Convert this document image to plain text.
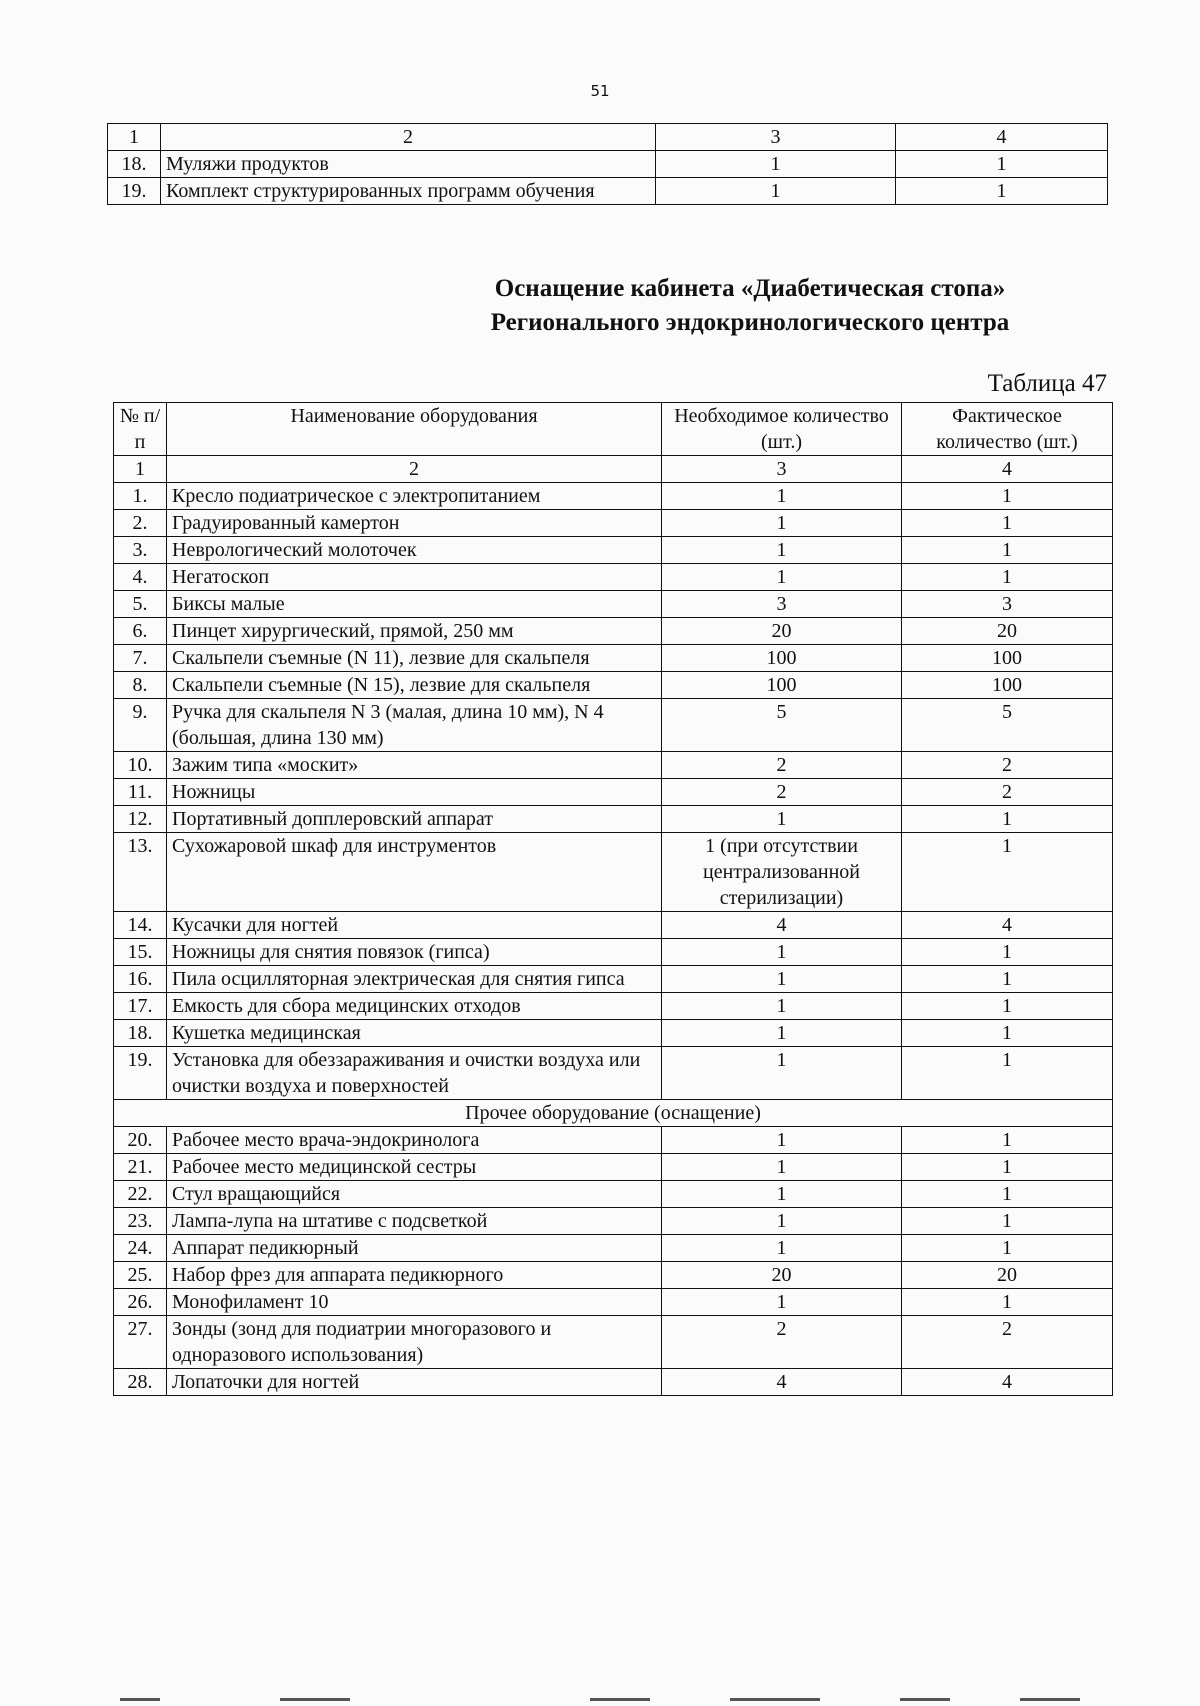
51
1	2	3	4
18.	Муляжи продуктов	1	1
19.	Комплект структурированных программ обучения	1	1
Оснащение кабинета «Диабетическая стопа»
Регионального эндокринологического центра
Таблица 47
№ п/п	Наименование оборудования	Необходимое количество (шт.)	Фактическое количество (шт.)
1	2	3	4
1.	Кресло подиатрическое с электропитанием	1	1
2.	Градуированный камертон	1	1
3.	Неврологический молоточек	1	1
4.	Негатоскоп	1	1
5.	Биксы малые	3	3
6.	Пинцет хирургический, прямой, 250 мм	20	20
7.	Скальпели съемные (N 11), лезвие для скальпеля	100	100
8.	Скальпели съемные (N 15), лезвие для скальпеля	100	100
9.	Ручка для скальпеля N 3 (малая, длина 10 мм), N 4 (большая, длина 130 мм)	5	5
10.	Зажим типа «москит»	2	2
11.	Ножницы	2	2
12.	Портативный допплеровский аппарат	1	1
13.	Сухожаровой шкаф для инструментов	1 (при отсутствии централизованной стерилизации)	1
14.	Кусачки для ногтей	4	4
15.	Ножницы для снятия повязок (гипса)	1	1
16.	Пила осцилляторная электрическая для снятия гипса	1	1
17.	Емкость для сбора медицинских отходов	1	1
18.	Кушетка медицинская	1	1
19.	Установка для обеззараживания и очистки воздуха или очистки воздуха и поверхностей	1	1
Прочее оборудование (оснащение)			
20.	Рабочее место врача-эндокринолога	1	1
21.	Рабочее место медицинской сестры	1	1
22.	Стул вращающийся	1	1
23.	Лампа-лупа на штативе с подсветкой	1	1
24.	Аппарат педикюрный	1	1
25.	Набор фрез для аппарата педикюрного	20	20
26.	Монофиламент 10	1	1
27.	Зонды (зонд для подиатрии многоразового и одноразового использования)	2	2
28.	Лопаточки для ногтей	4	4
